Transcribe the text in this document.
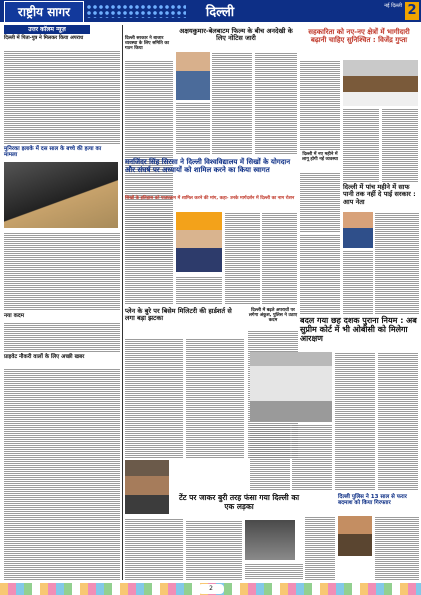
राष्ट्रीय सागर	दिल्ली	नई दिल्ली 2
उत्तर काॅलम न्यूज़
दिल्ली में पिता-पुत्र ने मिलकर किया अपराध
मुनिरका इलाके में दस साल के बच्चे की हत्या का मामला
नया कदम
प्राइवेट नौकरी वालों के लिए अच्छी खबर
दिल्ली सरकार ने बाजार व्यवस्था के लिए समिति का गठन किया
अक्षयकुमार-बेलबाटम फिल्म के बीच अनदेखी के लिए नोटिस जारी
मनजिंदर सिंह सिरसा ने दिल्ली विश्वविद्यालय में सिखों के योगदान और संघर्ष पर अध्यायों को शामिल करने का किया स्वागत
सिखों के इतिहास को पाठ्यक्रम में शामिल करने की मांग, कहा- उनके मार्गदर्शन में दिल्ली का नाम रोशन
प्लेन के बुरे पर बिसेम मिलिटरी की हार्डशर्त से लगा बड़ा झटका
दिल्ली में बढ़ते अपराधों पर लगेगा अंकुश, पुलिस ने उठाए कदम
टेंट पर जाकर बुरी तरह फंसा गया दिल्ली का एक लड़का
सहकारिता को नए-नए क्षेत्रों में भागीदारी बढ़ानी चाहिए सुनिश्चित : विजेंद्र गुप्ता
दिल्ली में नए महीने में लागू होगी नई व्यवस्था
दिल्ली में पांच महीने में साफ पानी तक नहीं दे पाई सरकार : आप नेता
बदल गया छह दशक पुराना नियम : अब सुप्रीम कोर्ट में भी ओबीसी को मिलेगा आरक्षण
दिल्ली पुलिस ने 13 साल से फरार बदमाश को किया गिरफ्तार
2
